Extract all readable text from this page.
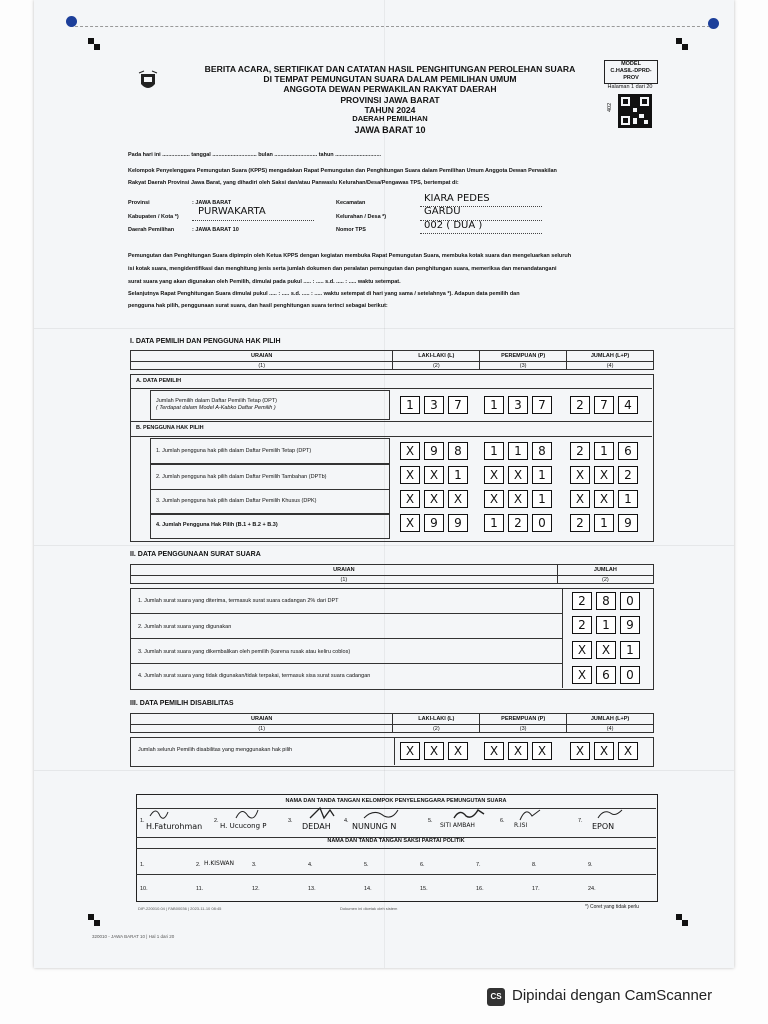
BERITA ACARA, SERTIFIKAT DAN CATATAN HASIL PENGHITUNGAN PEROLEHAN SUARA
DI TEMPAT PEMUNGUTAN SUARA DALAM PEMILIHAN UMUM
ANGGOTA DEWAN PERWAKILAN RAKYAT DAERAH
PROVINSI JAWA BARAT
TAHUN 2024
DAERAH PEMILIHAN
JAWA BARAT 10
MODEL
C.HASIL-DPRD-
PROV
Halaman 1 dari 20
402
Pada hari ini .................. tanggal ............................. bulan ............................ tahun ..............................
Kelompok Penyelenggara Pemungutan Suara (KPPS) mengadakan Rapat Pemungutan dan Penghitungan Suara dalam Pemilihan Umum Anggota Dewan Perwakilan
Rakyat Daerah Provinsi Jawa Barat, yang dihadiri oleh Saksi dan/atau Panwaslu Kelurahan/Desa/Pengawas TPS, bertempat di:
Provinsi	: JAWA BARAT
Kabupaten / Kota *) PURWAKARTA
Daerah Pemilihan	: JAWA BARAT 10
Kecamatan	KIARA PEDES
Kelurahan / Desa *)	GARDU
Nomor TPS	002 ( DUA )
Pemungutan dan Penghitungan Suara dipimpin oleh Ketua KPPS dengan kegiatan membuka Rapat Pemungutan Suara, membuka kotak suara dan mengeluarkan seluruh
isi kotak suara, mengidentifikasi dan menghitung jenis serta jumlah dokumen dan peralatan pemungutan dan penghitungan suara, memeriksa dan menandatangani
surat suara yang akan digunakan oleh Pemilih, dimulai pada pukul ..... : ..... s.d. ..... : ..... waktu setempat.
Selanjutnya Rapat Penghitungan Suara dimulai pukul ..... : ..... s.d. ..... : ..... waktu setempat di hari yang sama / setelahnya *). Adapun data pemilih dan
pengguna hak pilih, penggunaan surat suara, dan hasil penghitungan suara terinci sebagai berikut:
I. DATA PEMILIH DAN PENGGUNA HAK PILIH
URAIAN	LAKI-LAKI (L)	PEREMPUAN (P)	JUMLAH (L+P)
(1)	(2)	(3)	(4)
A. DATA PEMILIH
B. PENGGUNA HAK PILIH
Jumlah Pemilih dalam Daftar Pemilih Tetap (DPT)
( Terdapat dalam Model A-Kabko Daftar Pemilih )	1	3	7	1	3	7	2	7	4
1. Jumlah pengguna hak pilih dalam Daftar Pemilih Tetap (DPT)	X	9	8	1	1	8	2	1	6
2. Jumlah pengguna hak pilih dalam Daftar Pemilih Tambahan (DPTb)	X	X	1	X	X	1	X	X	2
3. Jumlah pengguna hak pilih dalam Daftar Pemilih Khusus (DPK)	X	X	X	X	X	1	X	X	1
4. Jumlah Pengguna Hak Pilih (B.1 + B.2 + B.3)	X	9	9	1	2	0	2	1	9
II. DATA PENGGUNAAN SURAT SUARA
URAIAN	JUMLAH
(1)	(2)
1. Jumlah surat suara yang diterima, termasuk surat suara cadangan 2% dari DPT	2	8	0
2. Jumlah surat suara yang digunakan	2	1	9
3. Jumlah surat suara yang dikembalikan oleh pemilih (karena rusak atau keliru coblos)	X	X	1
4. Jumlah surat suara yang tidak digunakan/tidak terpakai, termasuk sisa surat suara cadangan	X	6	0
III. DATA PEMILIH DISABILITAS
URAIAN	LAKI-LAKI (L)	PEREMPUAN (P)	JUMLAH (L+P)
(1)	(2)	(3)	(4)
Jumlah seluruh Pemilih disabilitas yang menggunakan hak pilih	X	X	X	X	X	X	X	X	X
NAMA DAN TANDA TANGAN KELOMPOK PENYELENGGARA PEMUNGUTAN SUARA
1.
H.Faturohman
2.
H. Ucucong P
3.
DEDAH
4.
NUNUNG N
5.
SITI AMBAH
6.
R.ISI
7.
EPON
NAMA DAN TANDA TANGAN SAKSI PARTAI POLITIK
1.	2. H.KISWAN	3.	4.	5.	6.	7.	8.	9.
10.	11.	12.	13.	14.	15.	16.	17.	24.
DIP-220010.04 | FAB00036 | 2023-11-10 08:45	Dokumen ini dicetak oleh sistem	*) Coret yang tidak perlu
320010 - JAWA BARAT 10 | Hal 1 dari 20
CS Dipindai dengan CamScanner
